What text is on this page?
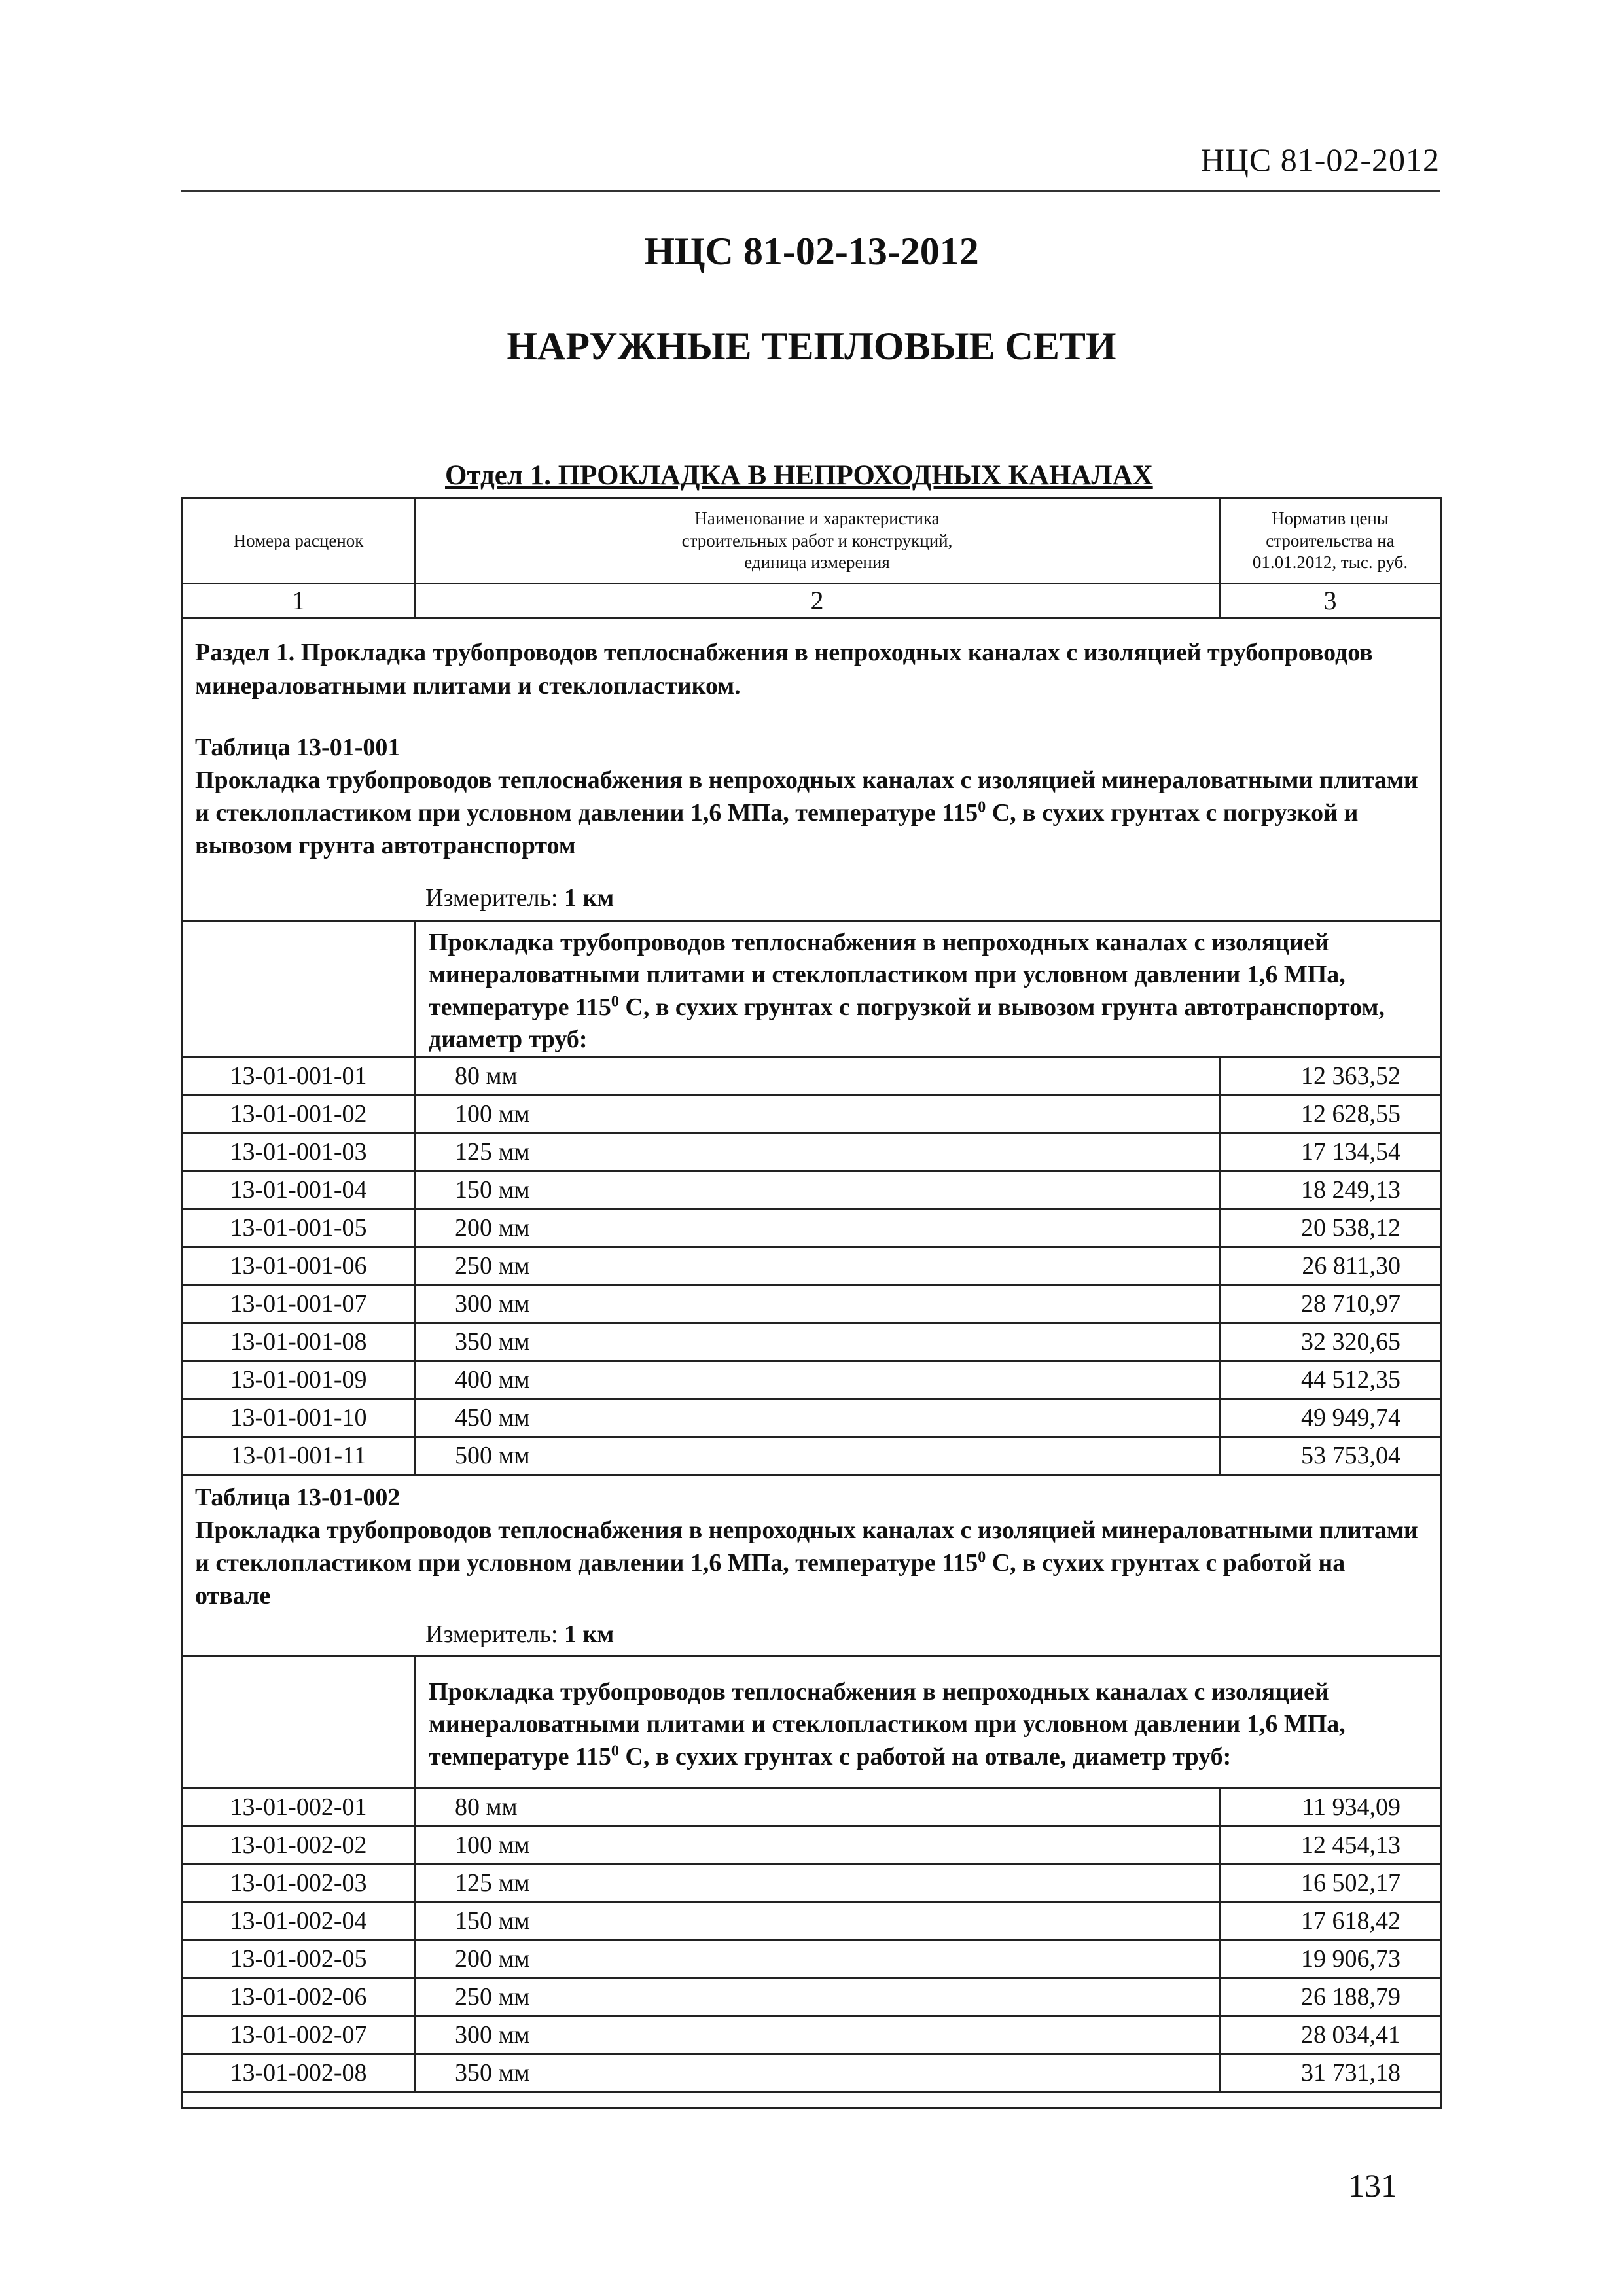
НЦС 81-02-2012
НЦС 81-02-13-2012
НАРУЖНЫЕ ТЕПЛОВЫЕ СЕТИ
Отдел 1. ПРОКЛАДКА В НЕПРОХОДНЫХ КАНАЛАХ
Номера расценок	Наименование и характеристика строительных работ и конструкций, единица измерения	Норматив цены строительства на 01.01.2012, тыс. руб.
1	2	3
Раздел 1. Прокладка трубопроводов теплоснабжения в непроходных каналах с изоляцией трубопроводов минераловатными плитами и стеклопластиком.
Таблица 13-01-001
Прокладка трубопроводов теплоснабжения в непроходных каналах с изоляцией минераловатными плитами и стеклопластиком при условном давлении 1,6 МПа, температуре $115^0$ С, в сухих грунтах с погрузкой и вывозом грунта автотранспортом
Измеритель: 1 км
	Прокладка трубопроводов теплоснабжения в непроходных каналах с изоляцией минераловатными плитами и стеклопластиком при условном давлении 1,6 МПа, температуре $115^0$ С, в сухих грунтах с погрузкой и вывозом грунта автотранспортом, диаметр труб:	
13-01-001-01	80 мм	12 363,52
13-01-001-02	100 мм	12 628,55
13-01-001-03	125 мм	17 134,54
13-01-001-04	150 мм	18 249,13
13-01-001-05	200 мм	20 538,12
13-01-001-06	250 мм	26 811,30
13-01-001-07	300 мм	28 710,97
13-01-001-08	350 мм	32 320,65
13-01-001-09	400 мм	44 512,35
13-01-001-10	450 мм	49 949,74
13-01-001-11	500 мм	53 753,04
Таблица 13-01-002
Прокладка трубопроводов теплоснабжения в непроходных каналах с изоляцией минераловатными плитами и стеклопластиком при условном давлении 1,6 МПа, температуре $115^0$ С, в сухих грунтах с работой на отвале
Измеритель: 1 км
	Прокладка трубопроводов теплоснабжения в непроходных каналах с изоляцией минераловатными плитами и стеклопластиком при условном давлении 1,6 МПа, температуре $115^0$ С, в сухих грунтах с работой на отвале, диаметр труб:	
13-01-002-01	80 мм	11 934,09
13-01-002-02	100 мм	12 454,13
13-01-002-03	125 мм	16 502,17
13-01-002-04	150 мм	17 618,42
13-01-002-05	200 мм	19 906,73
13-01-002-06	250 мм	26 188,79
13-01-002-07	300 мм	28 034,41
13-01-002-08	350 мм	31 731,18
131
